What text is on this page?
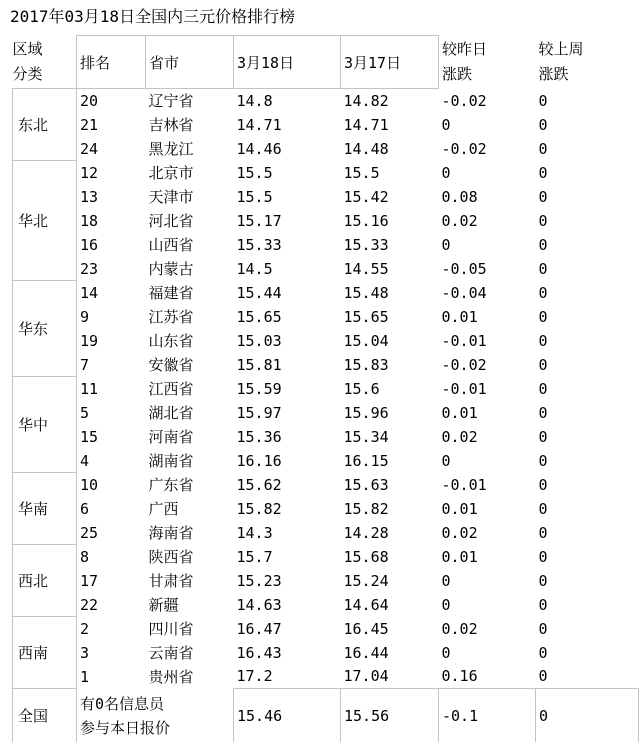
2017年03月18日全国内三元价格排行榜
区域分类	排名	省市	3月18日	3月17日	较昨日涨跌	较上周涨跌

东北	20	辽宁省	14.8	14.82	-0.02	0
	21	吉林省	14.71	14.71	0	0
	24	黑龙江	14.46	14.48	-0.02	0
华北	12	北京市	15.5	15.5	0	0
	13	天津市	15.5	15.42	0.08	0
	18	河北省	15.17	15.16	0.02	0
	16	山西省	15.33	15.33	0	0
	23	内蒙古	14.5	14.55	-0.05	0
华东	14	福建省	15.44	15.48	-0.04	0
	9	江苏省	15.65	15.65	0.01	0
	19	山东省	15.03	15.04	-0.01	0
	7	安徽省	15.81	15.83	-0.02	0
华中	11	江西省	15.59	15.6	-0.01	0
	5	湖北省	15.97	15.96	0.01	0
	15	河南省	15.36	15.34	0.02	0
	4	湖南省	16.16	16.15	0	0
华南	10	广东省	15.62	15.63	-0.01	0
	6	广西	15.82	15.82	0.01	0
	25	海南省	14.3	14.28	0.02	0
西北	8	陕西省	15.7	15.68	0.01	0
	17	甘肃省	15.23	15.24	0	0
	22	新疆	14.63	14.64	0	0
西南	2	四川省	16.47	16.45	0.02	0
	3	云南省	16.43	16.44	0	0
	1	贵州省	17.2	17.04	0.16	0
全国	有0名信息员参与本日报价		15.46	15.56	-0.1	0
